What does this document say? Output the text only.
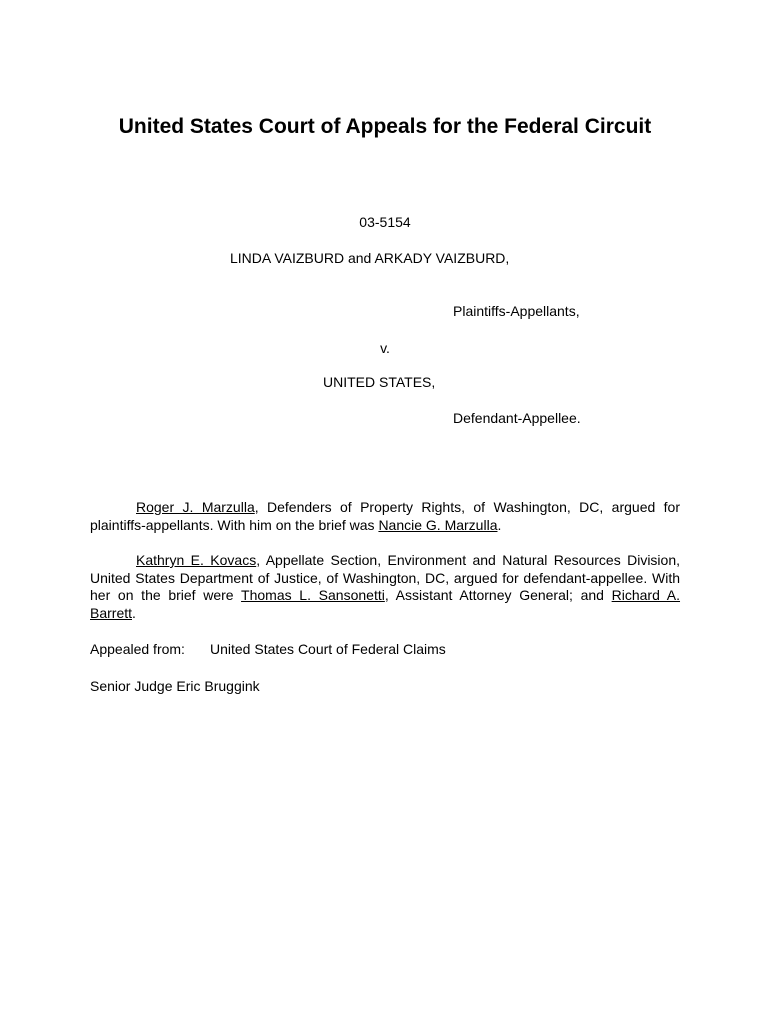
United States Court of Appeals for the Federal Circuit
03-5154
LINDA VAIZBURD and ARKADY VAIZBURD,
Plaintiffs-Appellants,
v.
UNITED STATES,
Defendant-Appellee.
Roger J. Marzulla, Defenders of Property Rights, of Washington, DC, argued for plaintiffs-appellants. With him on the brief was Nancie G. Marzulla.
Kathryn E. Kovacs, Appellate Section, Environment and Natural Resources Division, United States Department of Justice, of Washington, DC, argued for defendant-appellee. With her on the brief were Thomas L. Sansonetti, Assistant Attorney General; and Richard A. Barrett.
Appealed from: United States Court of Federal Claims
Senior Judge Eric Bruggink
